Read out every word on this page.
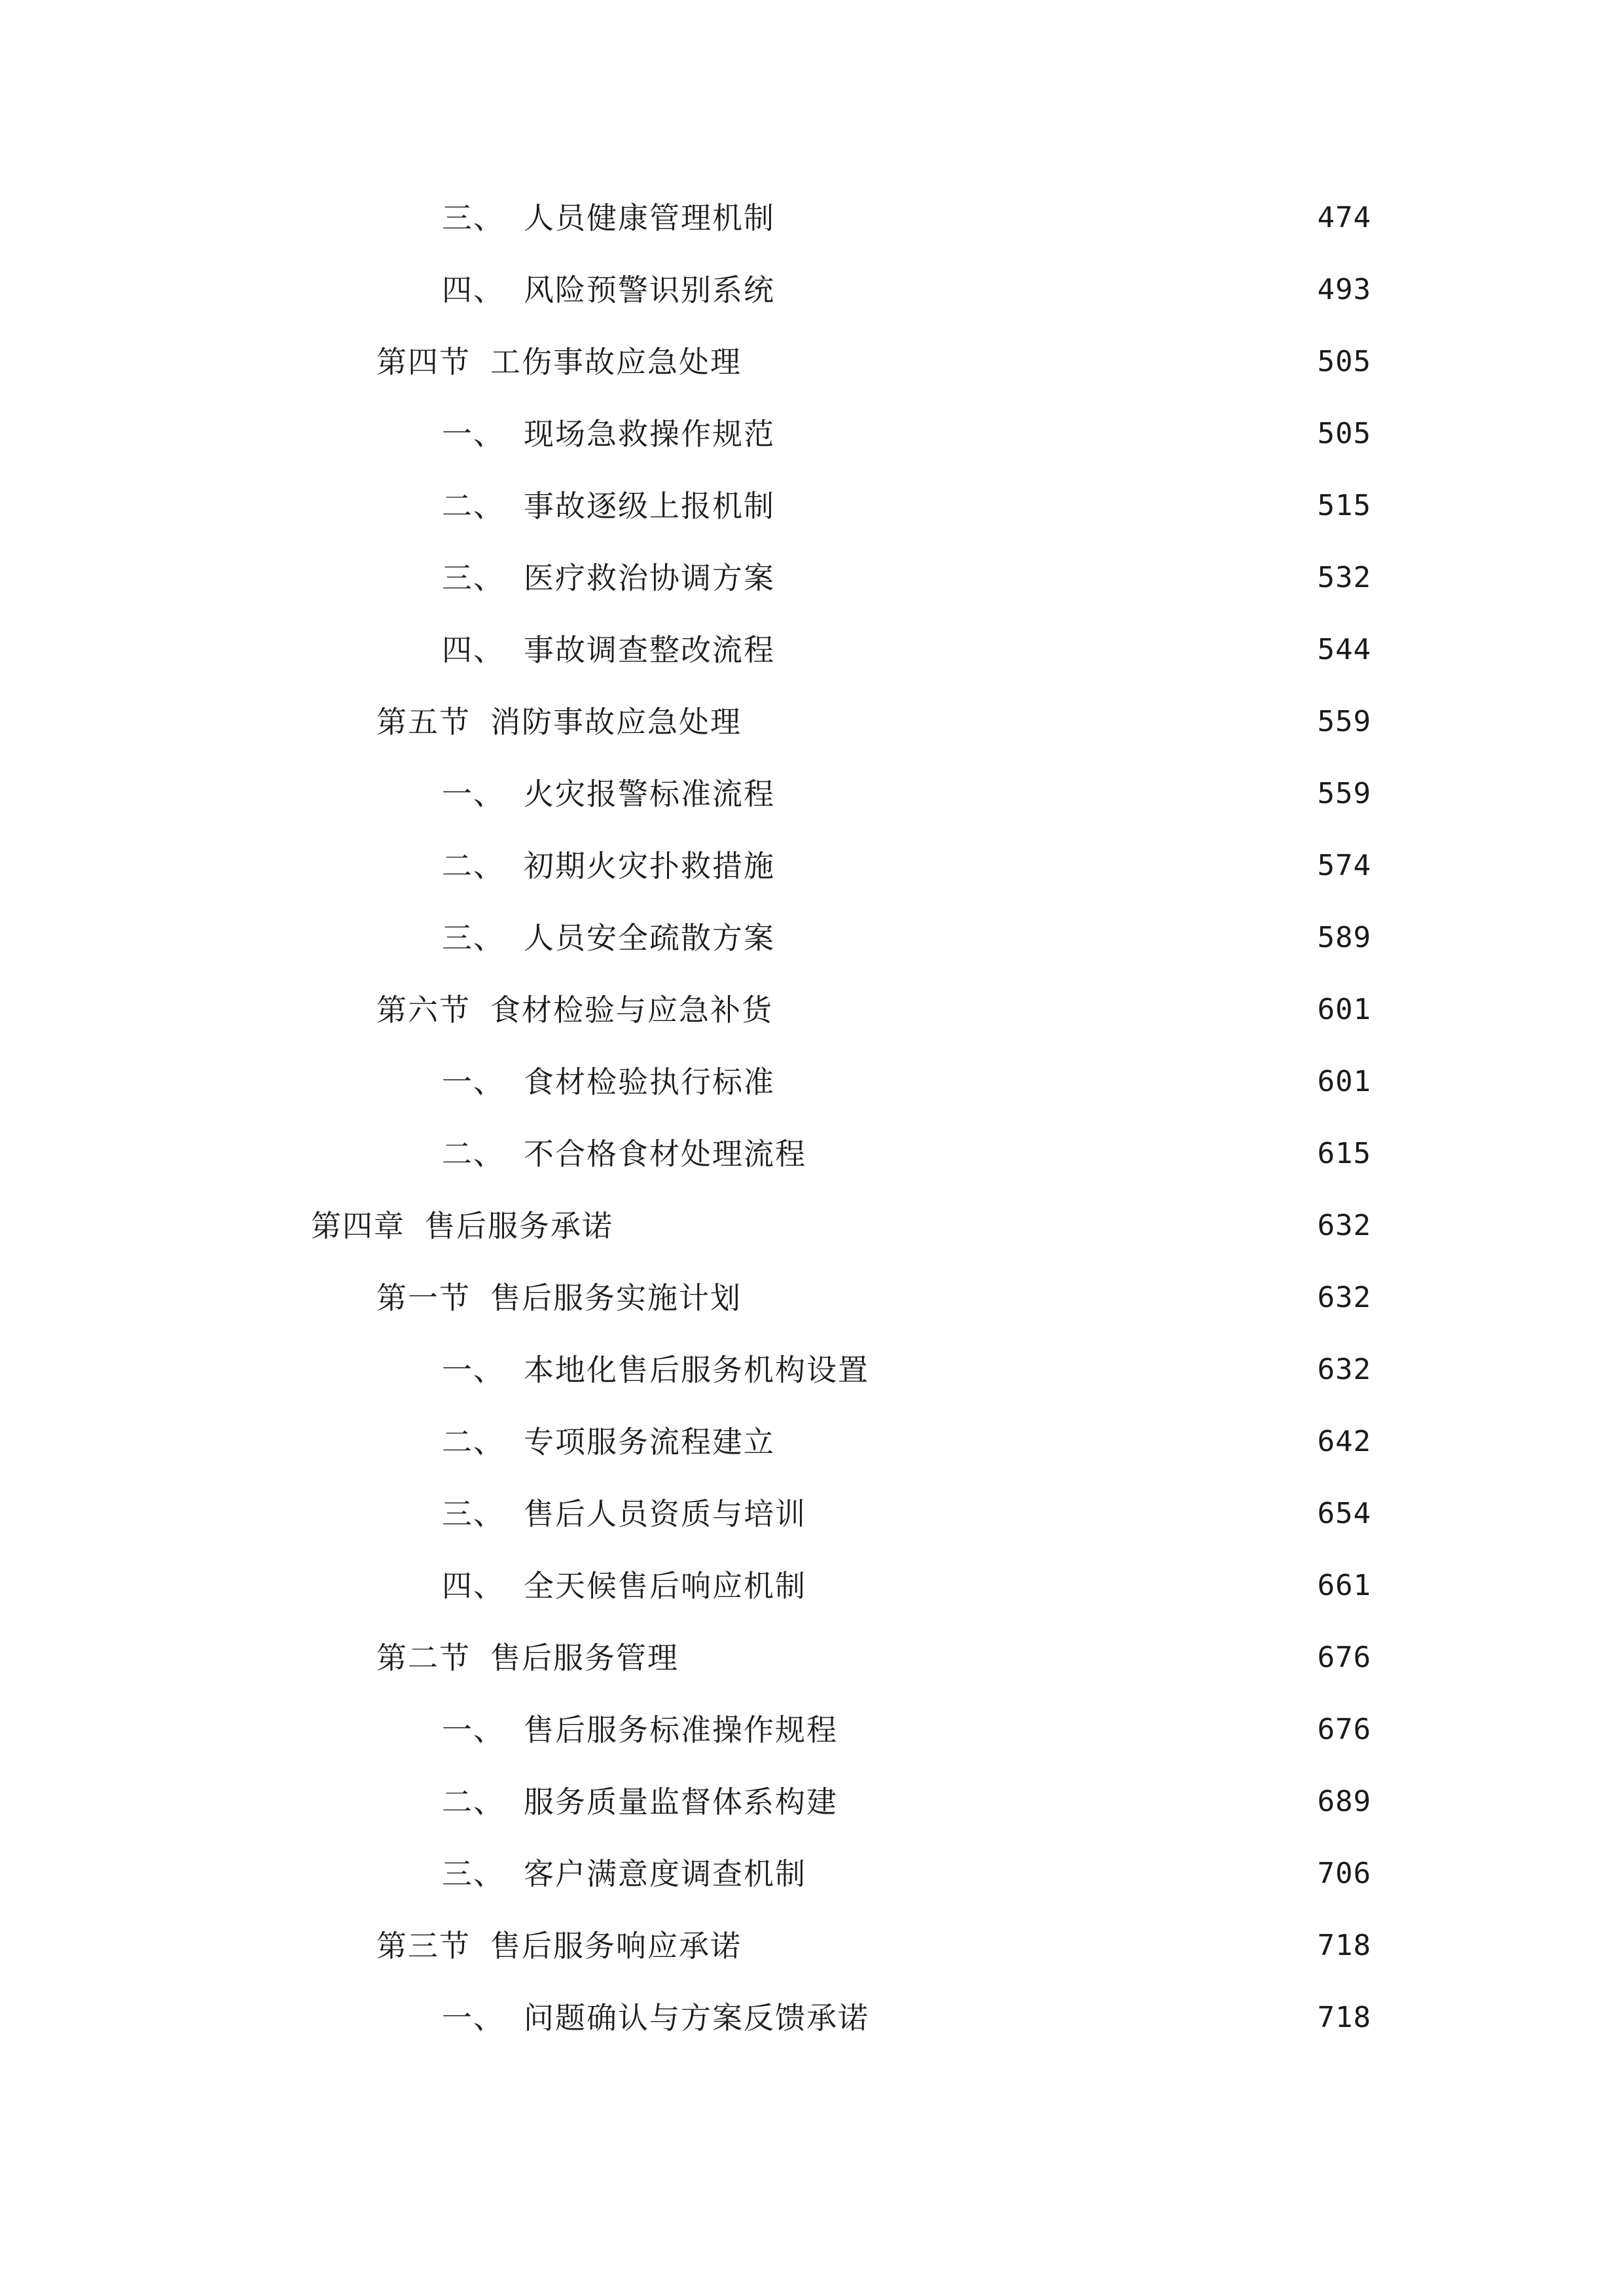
三、 人员健康管理机制	474
四、 风险预警识别系统	493
第四节 工伤事故应急处理	505
一、 现场急救操作规范	505
二、 事故逐级上报机制	515
三、 医疗救治协调方案	532
四、 事故调查整改流程	544
第五节 消防事故应急处理	559
一、 火灾报警标准流程	559
二、 初期火灾扑救措施	574
三、 人员安全疏散方案	589
第六节 食材检验与应急补货	601
一、 食材检验执行标准	601
二、 不合格食材处理流程	615
第四章 售后服务承诺	632
第一节 售后服务实施计划	632
一、 本地化售后服务机构设置	632
二、 专项服务流程建立	642
三、 售后人员资质与培训	654
四、 全天候售后响应机制	661
第二节 售后服务管理	676
一、 售后服务标准操作规程	676
二、 服务质量监督体系构建	689
三、 客户满意度调查机制	706
第三节 售后服务响应承诺	718
一、 问题确认与方案反馈承诺	718
